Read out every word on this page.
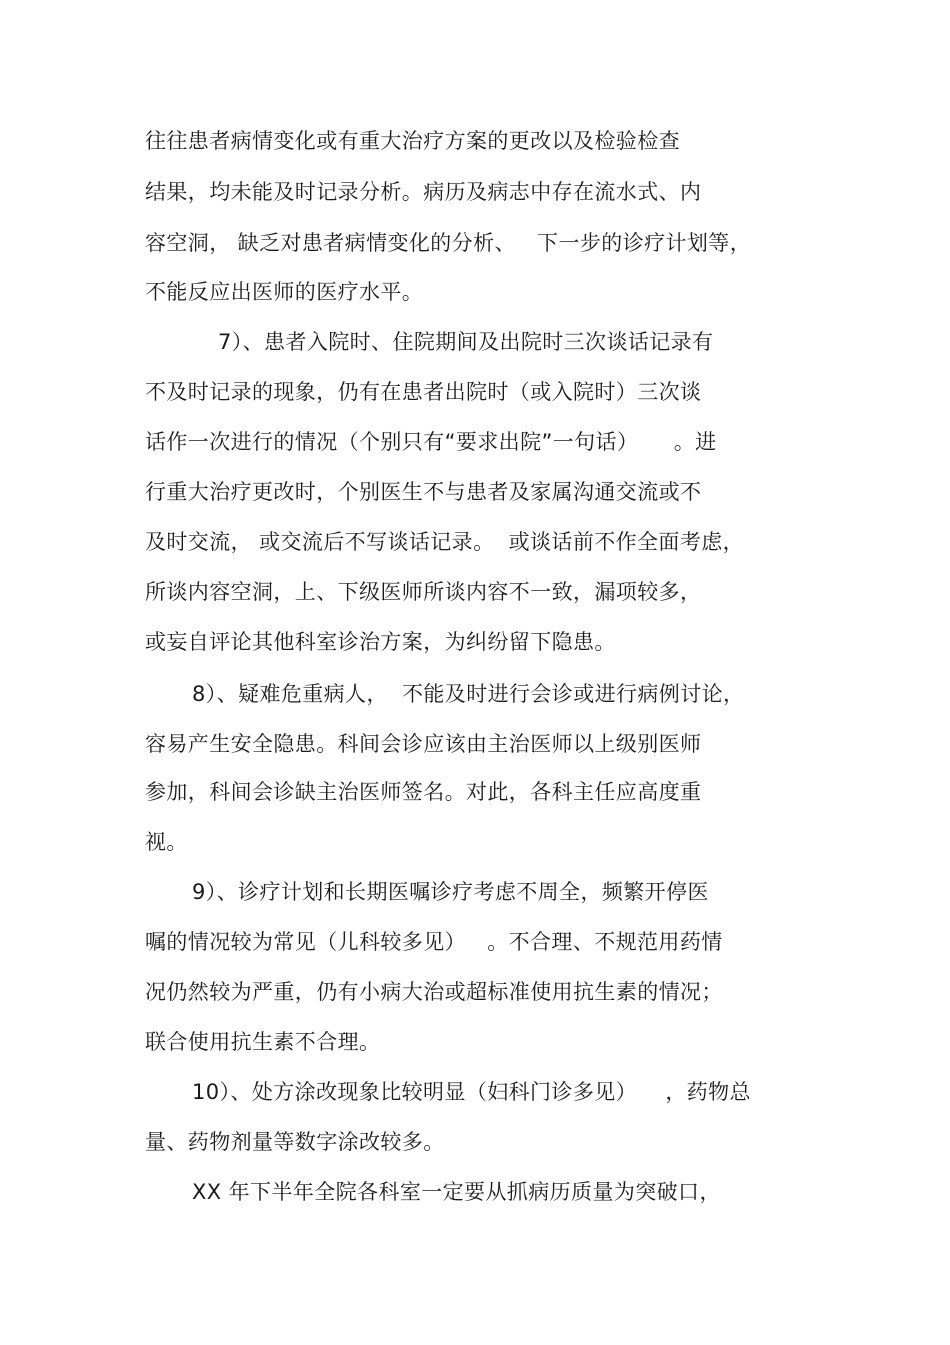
往往患者病情变化或有重大治疗方案的更改以及检验检查
结果，均未能及时记录分析。病历及病志中存在流水式、内
容空洞， 缺乏对患者病情变化的分析、   下一步的诊疗计划等，
不能反应出医师的医疗水平。
7）、患者入院时、住院期间及出院时三次谈话记录有
不及时记录的现象，仍有在患者出院时（或入院时）三次谈
话作一次进行的情况（个别只有“要求出院”一句话）     。进
行重大治疗更改时，个别医生不与患者及家属沟通交流或不
及时交流， 或交流后不写谈话记录。  或谈话前不作全面考虑，
所谈内容空洞，上、下级医师所谈内容不一致，漏项较多，
或妄自评论其他科室诊治方案，为纠纷留下隐患。
8）、疑难危重病人，  不能及时进行会诊或进行病例讨论，
容易产生安全隐患。科间会诊应该由主治医师以上级别医师
参加，科间会诊缺主治医师签名。对此，各科主任应高度重
视。
9）、诊疗计划和长期医嘱诊疗考虑不周全，频繁开停医
嘱的情况较为常见（儿科较多见）   。不合理、不规范用药情
况仍然较为严重，仍有小病大治或超标准使用抗生素的情况；
联合使用抗生素不合理。
10）、处方涂改现象比较明显（妇科门诊多见）    ，药物总
量、药物剂量等数字涂改较多。
XX 年下半年全院各科室一定要从抓病历质量为突破口，
